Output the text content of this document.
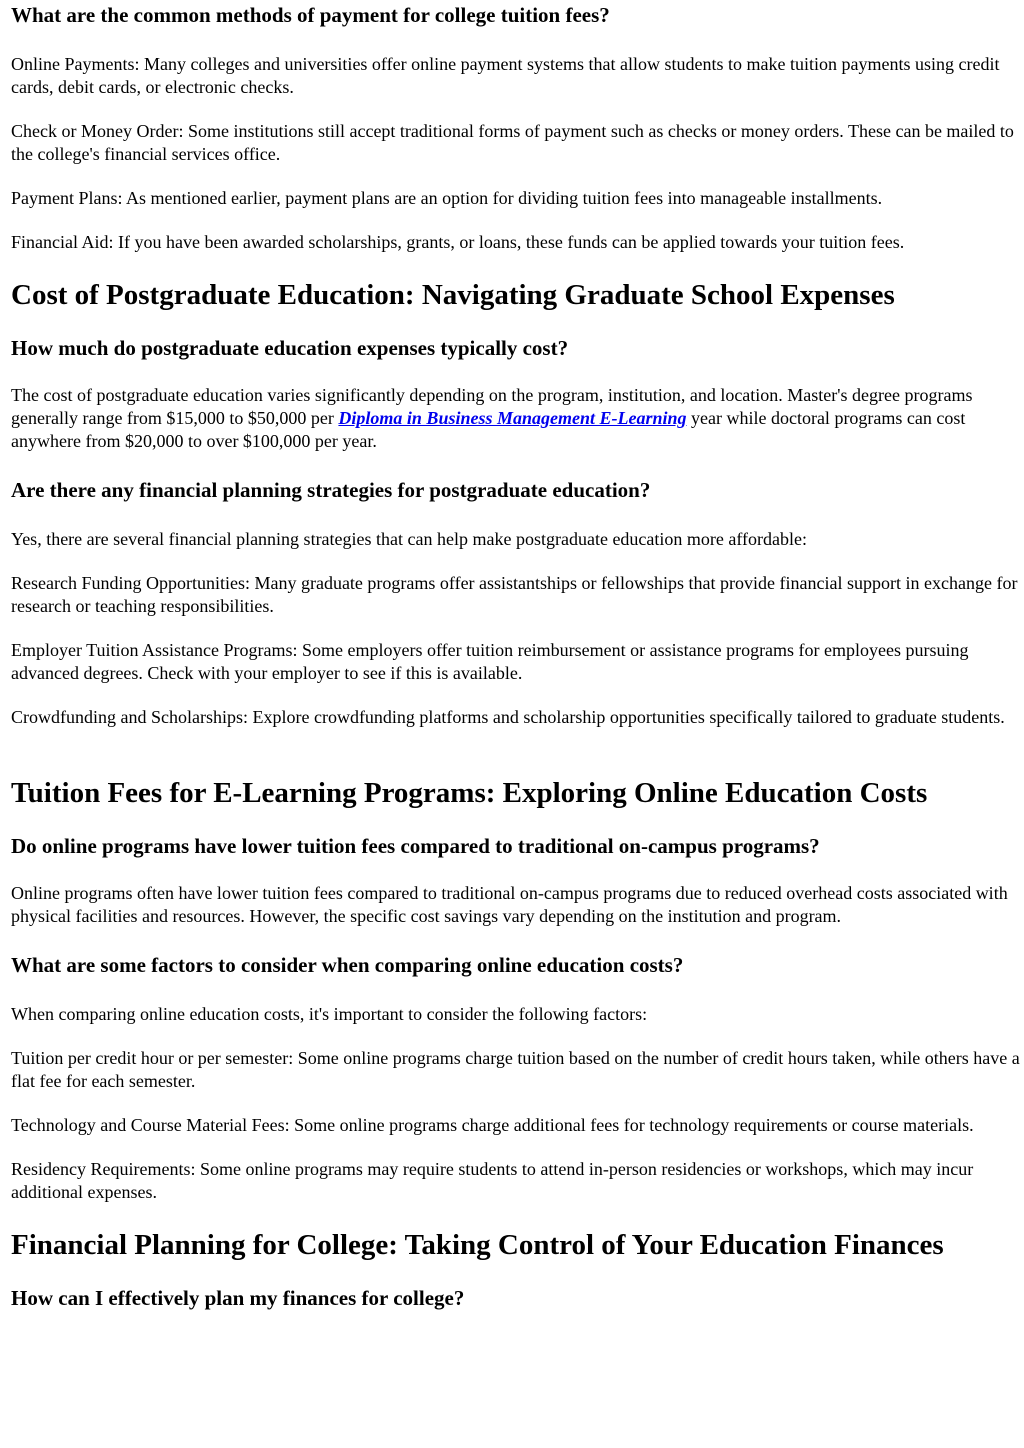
What are the common methods of payment for college tuition fees?

Online Payments: Many colleges and universities offer online payment systems that allow students to make tuition payments using credit cards, debit cards, or electronic checks.

Check or Money Order: Some institutions still accept traditional forms of payment such as checks or money orders. These can be mailed to the college's financial services office.

Payment Plans: As mentioned earlier, payment plans are an option for dividing tuition fees into manageable installments.

Financial Aid: If you have been awarded scholarships, grants, or loans, these funds can be applied towards your tuition fees.

Cost of Postgraduate Education: Navigating Graduate School Expenses
How much do postgraduate education expenses typically cost?

The cost of postgraduate education varies significantly depending on the program, institution, and location. Master's degree programs generally range from $15,000 to $50,000 per Diploma in Business Management E-Learning year while doctoral programs can cost anywhere from $20,000 to over $100,000 per year.

Are there any financial planning strategies for postgraduate education?

Yes, there are several financial planning strategies that can help make postgraduate education more affordable:

Research Funding Opportunities: Many graduate programs offer assistantships or fellowships that provide financial support in exchange for research or teaching responsibilities.

Employer Tuition Assistance Programs: Some employers offer tuition reimbursement or assistance programs for employees pursuing advanced degrees. Check with your employer to see if this is available.

Crowdfunding and Scholarships: Explore crowdfunding platforms and scholarship opportunities specifically tailored to graduate students.

Tuition Fees for E-Learning Programs: Exploring Online Education Costs
Do online programs have lower tuition fees compared to traditional on-campus programs?

Online programs often have lower tuition fees compared to traditional on-campus programs due to reduced overhead costs associated with physical facilities and resources. However, the specific cost savings vary depending on the institution and program.

What are some factors to consider when comparing online education costs?

When comparing online education costs, it's important to consider the following factors:

Tuition per credit hour or per semester: Some online programs charge tuition based on the number of credit hours taken, while others have a flat fee for each semester.

Technology and Course Material Fees: Some online programs charge additional fees for technology requirements or course materials.

Residency Requirements: Some online programs may require students to attend in-person residencies or workshops, which may incur additional expenses.

Financial Planning for College: Taking Control of Your Education Finances
How can I effectively plan my finances for college?
